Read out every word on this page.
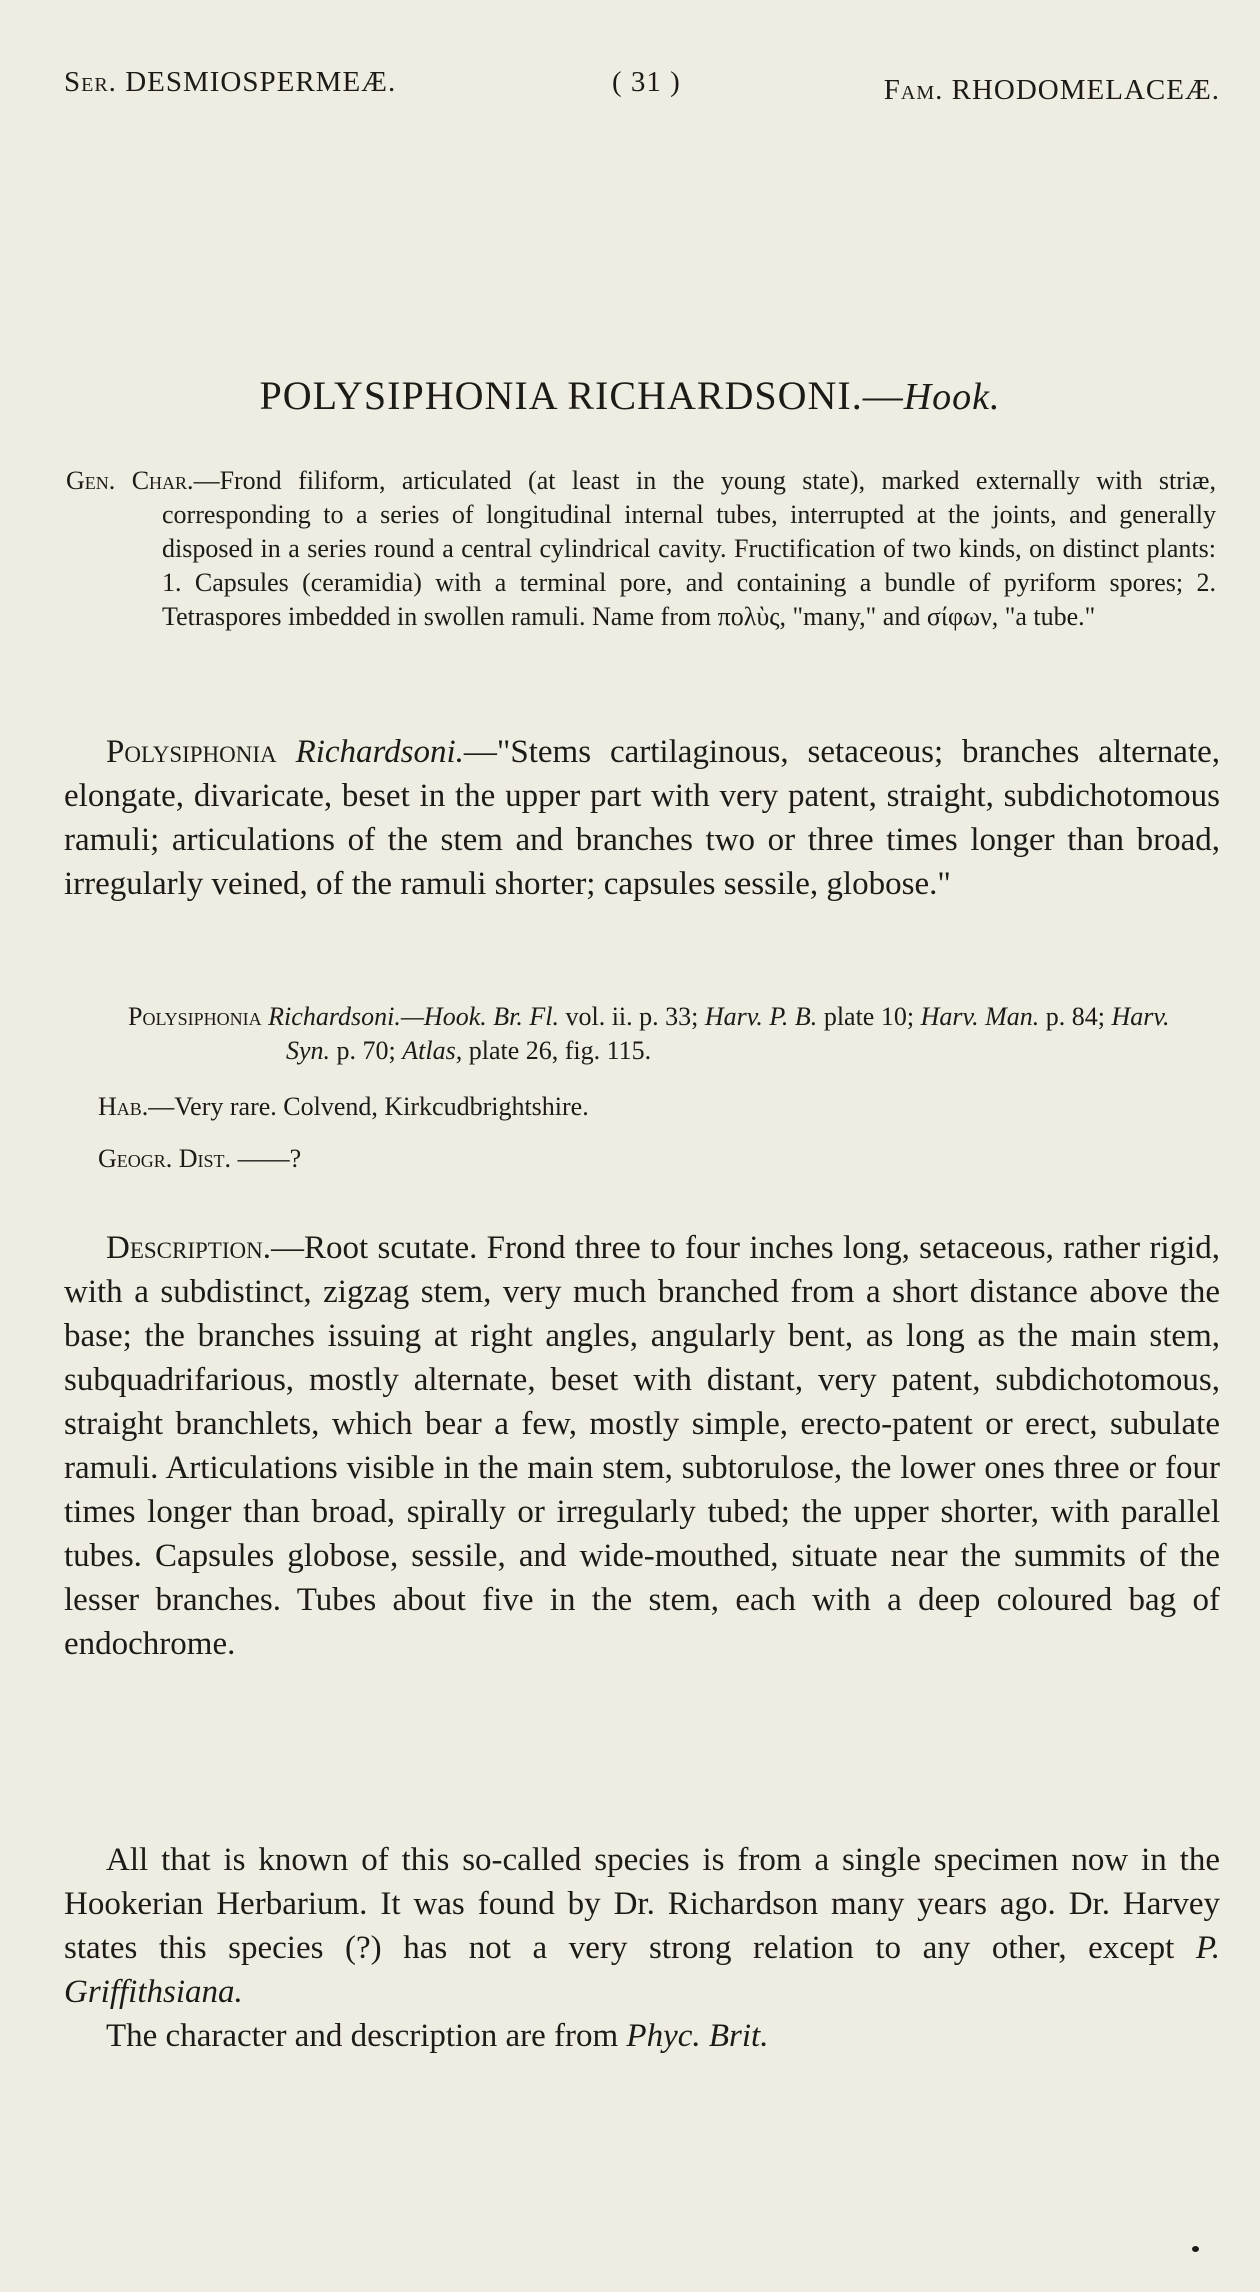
Ser. DESMIOSPERMEÆ.	( 31 )	Fam. RHODOMELACEÆ.
POLYSIPHONIA RICHARDSONI.—Hook.

Gen. Char.—Frond filiform, articulated (at least in the young state), marked externally with striæ, corresponding to a series of longitudinal internal tubes, interrupted at the joints, and generally disposed in a series round a central cylindrical cavity. Fructification of two kinds, on distinct plants: 1. Capsules (ceramidia) with a terminal pore, and containing a bundle of pyriform spores; 2. Tetraspores imbedded in swollen ramuli. Name from πολὺς, "many," and σίφων, "a tube."

Polysiphonia Richardsoni.—"Stems cartilaginous, setaceous; branches alternate, elongate, divaricate, beset in the upper part with very patent, straight, subdichotomous ramuli; articulations of the stem and branches two or three times longer than broad, irregularly veined, of the ramuli shorter; capsules sessile, globose."

Polysiphonia Richardsoni.—Hook. Br. Fl. vol. ii. p. 33; Harv. P. B. plate 10; Harv. Man. p. 84; Harv. Syn. p. 70; Atlas, plate 26, fig. 115.

Hab.—Very rare. Colvend, Kirkcudbrightshire.
Geogr. Dist. ——?

Description.—Root scutate. Frond three to four inches long, setaceous, rather rigid, with a subdistinct, zigzag stem, very much branched from a short distance above the base; the branches issuing at right angles, angularly bent, as long as the main stem, subquadrifarious, mostly alternate, beset with distant, very patent, subdichotomous, straight branchlets, which bear a few, mostly simple, erecto-patent or erect, subulate ramuli. Articulations visible in the main stem, subtorulose, the lower ones three or four times longer than broad, spirally or irregularly tubed; the upper shorter, with parallel tubes. Capsules globose, sessile, and wide-mouthed, situate near the summits of the lesser branches. Tubes about five in the stem, each with a deep coloured bag of endochrome.

All that is known of this so-called species is from a single specimen now in the Hookerian Herbarium. It was found by Dr. Richardson many years ago. Dr. Harvey states this species (?) has not a very strong relation to any other, except P. Griffithsiana.

The character and description are from Phyc. Brit.
